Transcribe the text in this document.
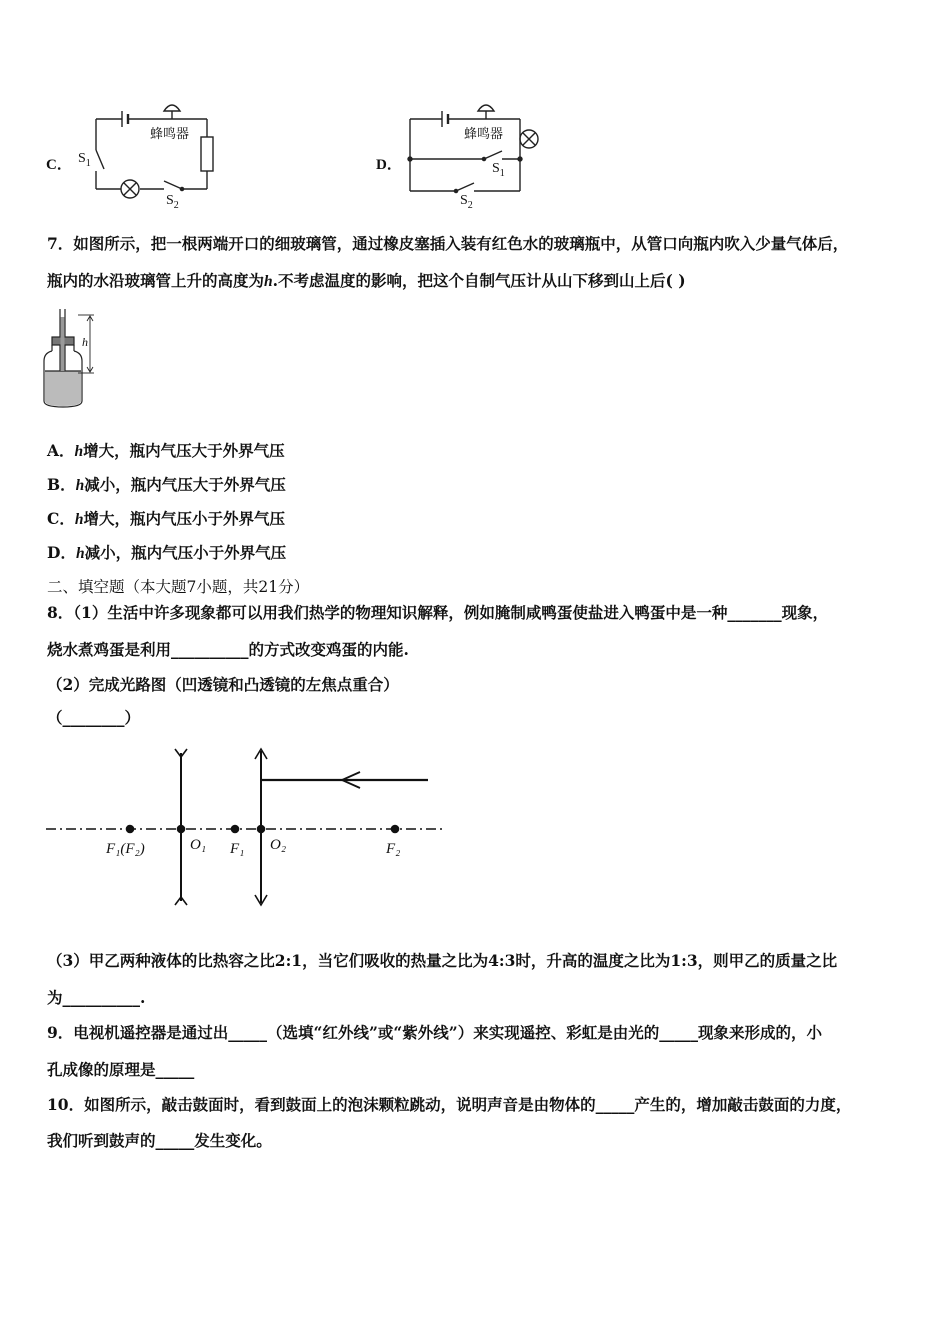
C．
蜂鸣器
$S_1$
$S_2$
D．
蜂鸣器
$S_1$
$S_2$
7．如图所示，把一根两端开口的细玻璃管，通过橡皮塞插入装有红色水的玻璃瓶中，从管口向瓶内吹入少量气体后，
瓶内的水沿玻璃管上升的高度为h.不考虑温度的影响，把这个自制气压计从山下移到山上后( )
h
A．h增大，瓶内气压大于外界气压
B．h减小，瓶内气压大于外界气压
C．h增大，瓶内气压小于外界气压
D．h减小，瓶内气压小于外界气压
二、填空题（本大题7小题，共21分）
8．（1）生活中许多现象都可以用我们热学的物理知识解释，例如腌制咸鸭蛋使盐进入鸭蛋中是一种_______现象，
烧水煮鸡蛋是利用__________的方式改变鸡蛋的内能.
（2）完成光路图（凹透镜和凸透镜的左焦点重合）
（________）
F₁(F₂)	O₁ F₁ O₂	F₂
（3）甲乙两种液体的比热容之比2:1，当它们吸收的热量之比为4:3时，升高的温度之比为1:3，则甲乙的质量之比
为__________.
9．电视机遥控器是通过出_____（选填“红外线”或“紫外线”）来实现遥控、彩虹是由光的_____现象来形成的，小
孔成像的原理是_____
10．如图所示，敲击鼓面时，看到鼓面上的泡沫颗粒跳动，说明声音是由物体的_____产生的，增加敲击鼓面的力度，
我们听到鼓声的_____发生变化。
